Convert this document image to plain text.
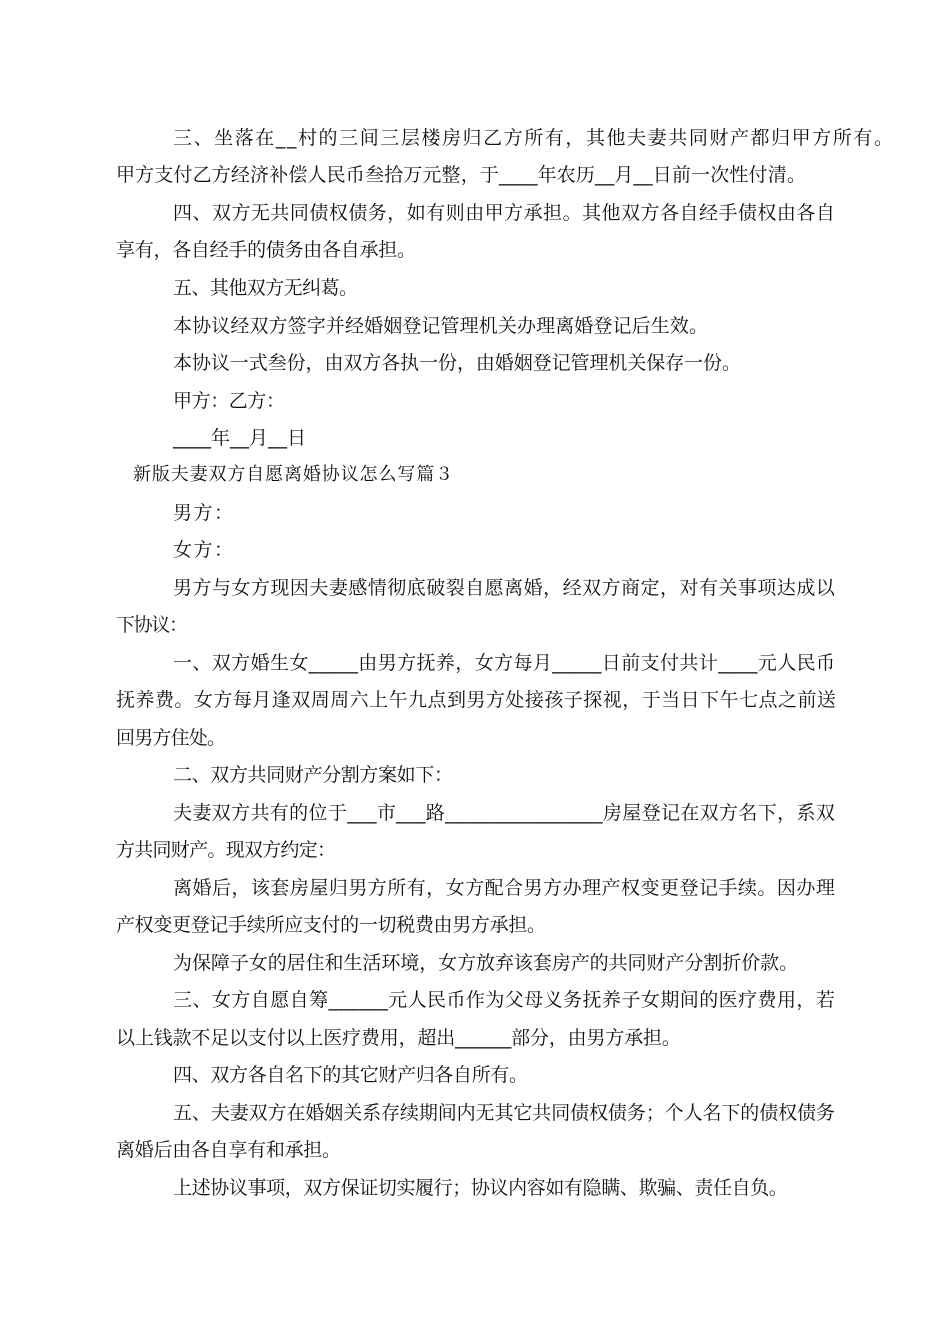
三、坐落在__村的三间三层楼房归乙方所有，其他夫妻共同财产都归甲方所有。

甲方支付乙方经济补偿人民币叁拾万元整，于____年农历__月__日前一次性付清。

四、双方无共同债权债务，如有则由甲方承担。其他双方各自经手债权由各自

享有，各自经手的债务由各自承担。

五、其他双方无纠葛。

本协议经双方签字并经婚姻登记管理机关办理离婚登记后生效。

本协议一式叁份，由双方各执一份，由婚姻登记管理机关保存一份。

甲方：乙方：

____年__月__日

新版夫妻双方自愿离婚协议怎么写篇３

男方：

女方：

男方与女方现因夫妻感情彻底破裂自愿离婚，经双方商定，对有关事项达成以

下协议：

一、双方婚生女_____由男方抚养，女方每月_____日前支付共计____元人民币

抚养费。女方每月逢双周周六上午九点到男方处接孩子探视，于当日下午七点之前送

回男方住处。

二、双方共同财产分割方案如下：

夫妻双方共有的位于___市___路________________房屋登记在双方名下，系双

方共同财产。现双方约定：

离婚后，该套房屋归男方所有，女方配合男方办理产权变更登记手续。因办理

产权变更登记手续所应支付的一切税费由男方承担。

为保障子女的居住和生活环境，女方放弃该套房产的共同财产分割折价款。

三、女方自愿自筹______元人民币作为父母义务抚养子女期间的医疗费用，若

以上钱款不足以支付以上医疗费用，超出______部分，由男方承担。

四、双方各自名下的其它财产归各自所有。

五、夫妻双方在婚姻关系存续期间内无其它共同债权债务；个人名下的债权债务

离婚后由各自享有和承担。

上述协议事项，双方保证切实履行；协议内容如有隐瞒、欺骗、责任自负。
